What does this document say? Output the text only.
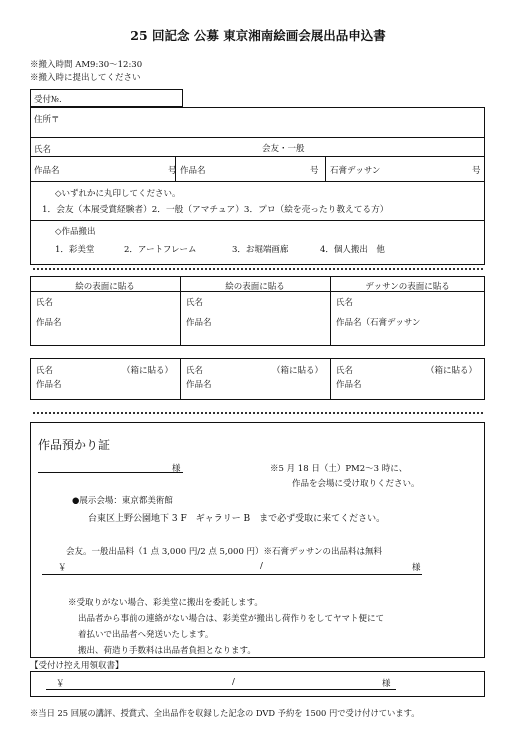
25 回記念 公募 東京湘南絵画会展出品申込書
※搬入時間 AM9:30～12:30
※搬入時に提出してください
受付№.
住所〒
氏名	会友・一般
作品名	号 作品名	号 石膏デッサン	号
◇いずれかに丸印してください。
1．会友（本展受賞経験者）2．一般（アマチュア）3．プロ（絵を売ったり教えてる方）
◇作品搬出
1．彩美堂	2．アートフレーム	3．お堀端画廊	4．個人搬出　他
絵の表面に貼る	絵の表面に貼る	デッサンの表面に貼る
氏名	氏名	氏名
作品名	作品名	作品名（石膏デッサン
氏名	（箱に貼る）
作品名
氏名	（箱に貼る）
作品名
氏名	（箱に貼る）
作品名
作品預かり証
様	※5 月 18 日（土）PM2～3 時に、
作品を会場に受け取りください。
●展示会場：東京都美術館
台東区上野公園地下 3 F　ギャラリー B　まで必ず受取に来てください。
会友。一般出品料（1 点 3,000 円/2 点 5,000 円）※石膏デッサンの出品料は無料
￥	/	様
※受取りがない場合、彩美堂に搬出を委託します。
出品者から事前の連絡がない場合は、彩美堂が搬出し荷作りをしてヤマト便にて
着払いで出品者へ発送いたします。
搬出、荷造り手数料は出品者負担となります。
【受付け控え用領収書】
￥	/	様
※当日 25 回展の講評、授賞式、全出品作を収録した記念の DVD 予約を 1500 円で受け付けています。
